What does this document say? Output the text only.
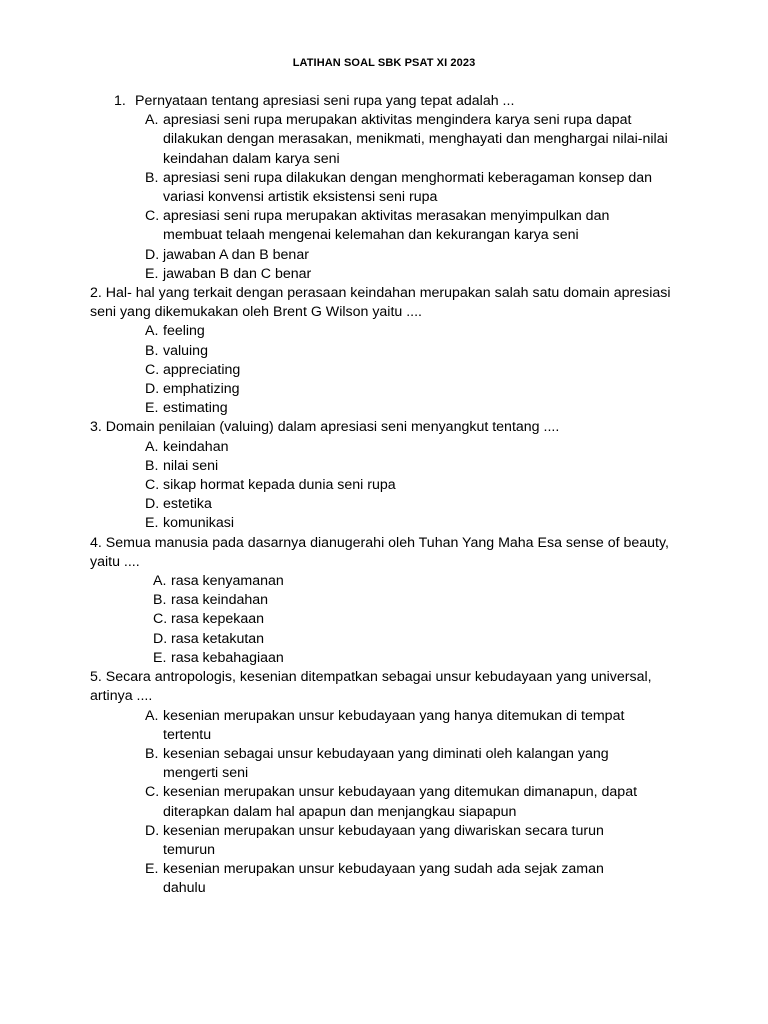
LATIHAN SOAL SBK PSAT XI 2023
1. Pernyataan tentang apresiasi seni rupa yang tepat adalah ...
A. apresiasi seni rupa merupakan aktivitas mengindera karya seni rupa dapat dilakukan dengan merasakan, menikmati, menghayati dan menghargai nilai-nilai keindahan dalam karya seni
B. apresiasi seni rupa dilakukan dengan menghormati keberagaman konsep dan variasi konvensi artistik eksistensi seni rupa
C. apresiasi seni rupa merupakan aktivitas merasakan menyimpulkan dan membuat telaah mengenai kelemahan dan kekurangan karya seni
D. jawaban A dan B benar
E. jawaban B dan C benar
2. Hal- hal yang terkait dengan perasaan keindahan merupakan salah satu domain apresiasi seni yang dikemukakan oleh Brent G Wilson yaitu ....
A. feeling
B. valuing
C. appreciating
D. emphatizing
E. estimating
3. Domain penilaian (valuing) dalam apresiasi seni menyangkut tentang ....
A. keindahan
B. nilai seni
C. sikap hormat kepada dunia seni rupa
D. estetika
E. komunikasi
4. Semua manusia pada dasarnya dianugerahi oleh Tuhan Yang Maha Esa sense of beauty, yaitu ....
A. rasa kenyamanan
B. rasa keindahan
C. rasa kepekaan
D. rasa ketakutan
E. rasa kebahagiaan
5. Secara antropologis, kesenian ditempatkan sebagai unsur kebudayaan yang universal, artinya ....
A. kesenian merupakan unsur kebudayaan yang hanya ditemukan di tempat tertentu
B. kesenian sebagai unsur kebudayaan yang diminati oleh kalangan yang mengerti seni
C. kesenian merupakan unsur kebudayaan yang ditemukan dimanapun, dapat diterapkan dalam hal apapun dan menjangkau siapapun
D. kesenian merupakan unsur kebudayaan yang diwariskan secara turun temurun
E. kesenian merupakan unsur kebudayaan yang sudah ada sejak zaman dahulu
